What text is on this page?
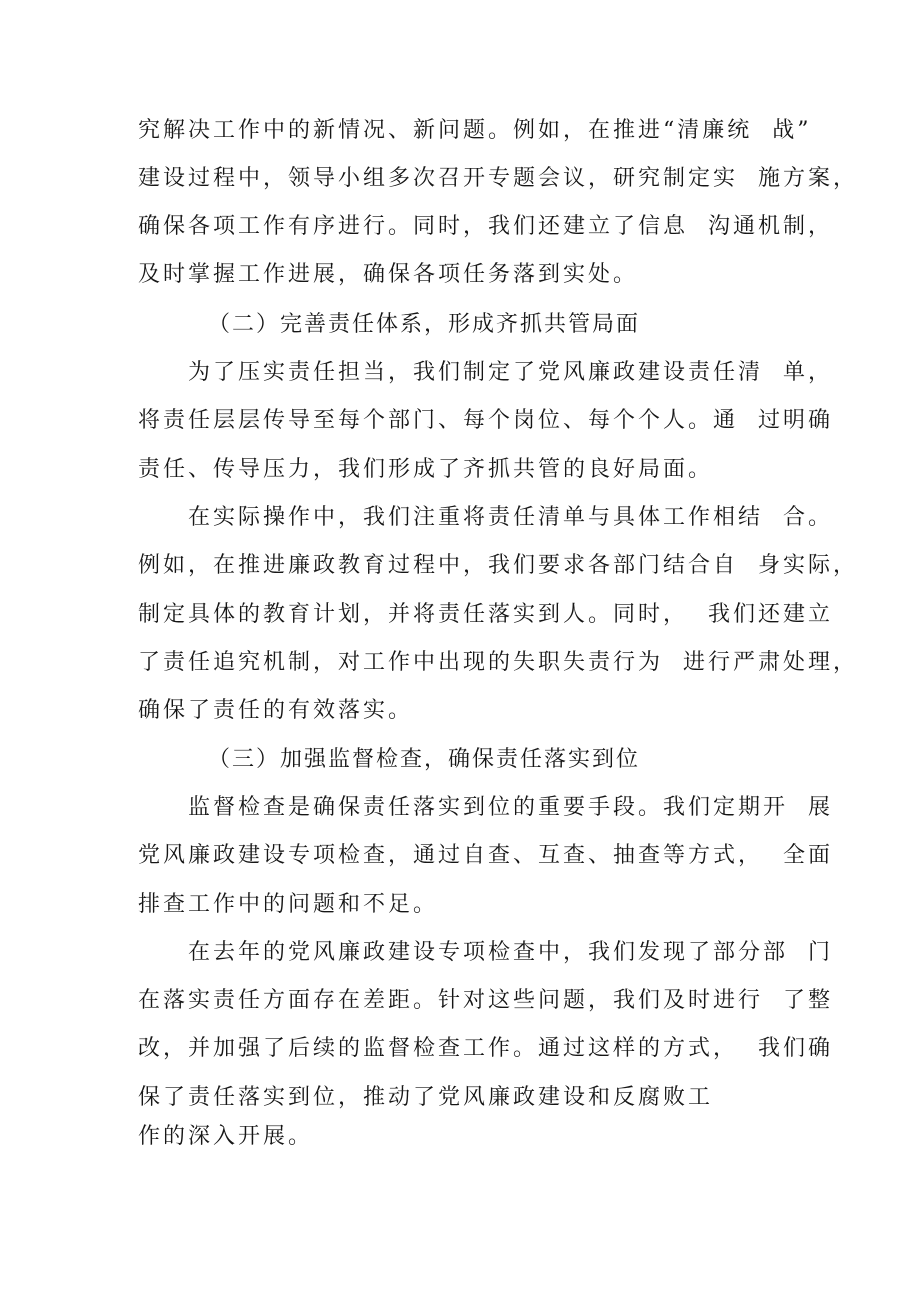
究解决工作中的新情况、新问题。例如，在推进“清廉统  战”

建设过程中，领导小组多次召开专题会议，研究制定实  施方案，

确保各项工作有序进行。同时，我们还建立了信息  沟通机制，

及时掌握工作进展，确保各项任务落到实处。

（二）完善责任体系，形成齐抓共管局面

为了压实责任担当，我们制定了党风廉政建设责任清  单，

将责任层层传导至每个部门、每个岗位、每个个人。通  过明确

责任、传导压力，我们形成了齐抓共管的良好局面。

在实际操作中，我们注重将责任清单与具体工作相结  合。

例如，在推进廉政教育过程中，我们要求各部门结合自  身实际，

制定具体的教育计划，并将责任落实到人。同时，  我们还建立

了责任追究机制，对工作中出现的失职失责行为  进行严肃处理，

确保了责任的有效落实。

（三）加强监督检查，确保责任落实到位

监督检查是确保责任落实到位的重要手段。我们定期开  展

党风廉政建设专项检查，通过自查、互查、抽查等方式，  全面

排查工作中的问题和不足。

在去年的党风廉政建设专项检查中，我们发现了部分部  门

在落实责任方面存在差距。针对这些问题，我们及时进行  了整

改，并加强了后续的监督检查工作。通过这样的方式，  我们确

保了责任落实到位，推动了党风廉政建设和反腐败工

作的深入开展。
